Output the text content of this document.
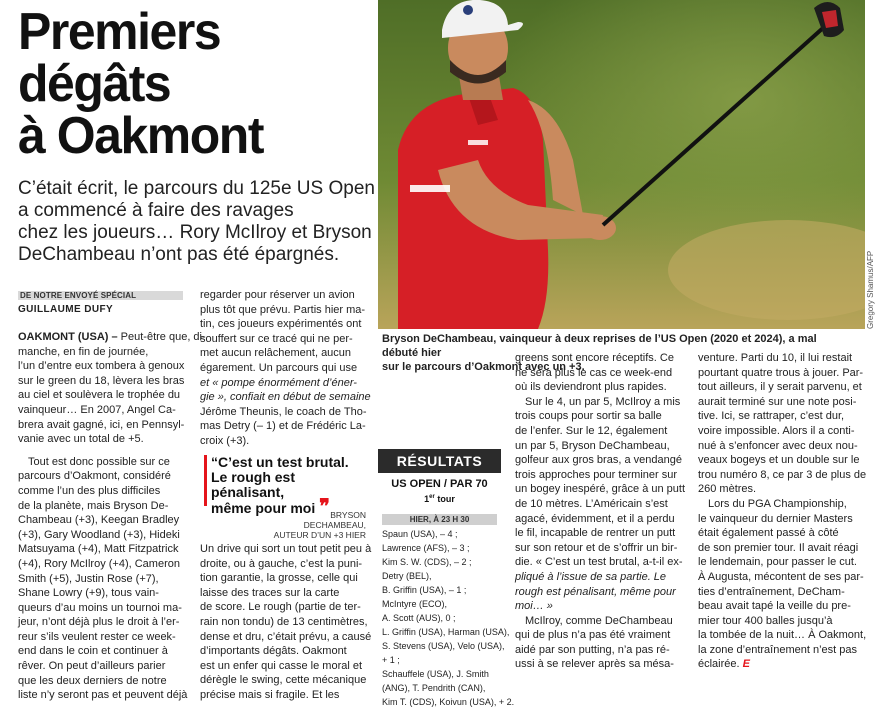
Premiers
dégâts
à Oakmont
C’était écrit, le parcours du 125e US Open
a commencé à faire des ravages
chez les joueurs… Rory McIlroy et Bryson
DeChambeau n’ont pas été épargnés.
DE NOTRE ENVOYÉ SPÉCIAL
GUILLAUME DUFY
OAKMONT (USA) – Peut-être que, di-
manche, en fin de journée,
l’un d’entre eux tombera à genoux
sur le green du 18, lèvera les bras
au ciel et soulèvera le trophée du
vainqueur… En 2007, Angel Ca-
brera avait gagné, ici, en Pennsyl-
vanie avec un total de +5.

Tout est donc possible sur ce
parcours d’Oakmont, considéré
comme l’un des plus difficiles
de la planète, mais Bryson De-
Chambeau (+3), Keegan Bradley
(+3), Gary Woodland (+3), Hideki
Matsuyama (+4), Matt Fitzpatrick
(+4), Rory McIlroy (+4), Cameron
Smith (+5), Justin Rose (+7),
Shane Lowry (+9), tous vain-
queurs d’au moins un tournoi ma-
jeur, n’ont déjà plus le droit à l’er-
reur s’ils veulent rester ce week-
end dans le coin et continuer à
rêver. On peut d’ailleurs parier
que les deux derniers de notre
liste n’y seront pas et peuvent déjà
regarder pour réserver un avion
plus tôt que prévu. Partis hier ma-
tin, ces joueurs expérimentés ont
souffert sur ce tracé qui ne per-
met aucun relâchement, aucun
égarement. Un parcours qui use
et « pompe énormément d’éner-
gie », confiait en début de semaine
Jérôme Theunis, le coach de Tho-
mas Detry (– 1) et de Frédéric La-
croix (+3).
“C’est un test brutal.
Le rough est pénalisant,
même pour moi ❞ BRYSON DECHAMBEAU,
AUTEUR D’UN +3 HIER
Un drive qui sort un tout petit peu à
droite, ou à gauche, c’est la puni-
tion garantie, la grosse, celle qui
laisse des traces sur la carte
de score. Le rough (partie de ter-
rain non tondu) de 13 centimètres,
dense et dru, c’était prévu, a causé
d’importants dégâts. Oakmont
est un enfer qui casse le moral et
dérègle le swing, cette mécanique
précise mais si fragile. Et les
RÉSULTATS
US OPEN / PAR 70
1er tour
HIER, À 23 H 30
Spaun (USA), – 4 ;
Lawrence (AFS), – 3 ;
Kim S. W. (CDS), – 2 ;
Detry (BEL),
B. Griffin (USA), – 1 ;
McIntyre (ECO),
A. Scott (AUS), 0 ;
L. Griffin (USA), Harman (USA),
S. Stevens (USA), Velo (USA),
+ 1 ;
Schauffele (USA), J. Smith
(ANG), T. Pendrith (CAN),
Kim T. (CDS), Koivun (USA), + 2.
Gregory Shamus/AFP
Bryson DeChambeau, vainqueur à deux reprises de l’US Open (2020 et 2024), a mal débuté hier
sur le parcours d’Oakmont avec un +3.
greens sont encore réceptifs. Ce
ne sera plus le cas ce week-end
où ils deviendront plus rapides.
Sur le 4, un par 5, McIlroy a mis
trois coups pour sortir sa balle
de l’enfer. Sur le 12, également
un par 5, Bryson DeChambeau,
golfeur aux gros bras, a vendangé
trois approches pour terminer sur
un bogey inespéré, grâce à un putt
de 10 mètres. L’Américain s’est
agacé, évidemment, et il a perdu
le fil, incapable de rentrer un putt
sur son retour et de s’offrir un bir-
die. « C’est un test brutal, a-t-il ex-
pliqué à l’issue de sa partie. Le
rough est pénalisant, même pour
moi… »
McIlroy, comme DeChambeau
qui de plus n’a pas été vraiment
aidé par son putting, n’a pas ré-
ussi à se relever après sa mésa-
venture. Parti du 10, il lui restait
pourtant quatre trous à jouer. Par-
tout ailleurs, il y serait parvenu, et
aurait terminé sur une note posi-
tive. Ici, se rattraper, c’est dur,
voire impossible. Alors il a conti-
nué à s’enfoncer avec deux nou-
veaux bogeys et un double sur le
trou numéro 8, ce par 3 de plus de
260 mètres.
Lors du PGA Championship,
le vainqueur du dernier Masters
était également passé à côté
de son premier tour. Il avait réagi
le lendemain, pour passer le cut.
À Augusta, mécontent de ses par-
ties d’entraînement, DeCham-
beau avait tapé la veille du pre-
mier tour 400 balles jusqu’à
la tombée de la nuit… À Oakmont,
la zone d’entraînement n’est pas
éclairée. E
